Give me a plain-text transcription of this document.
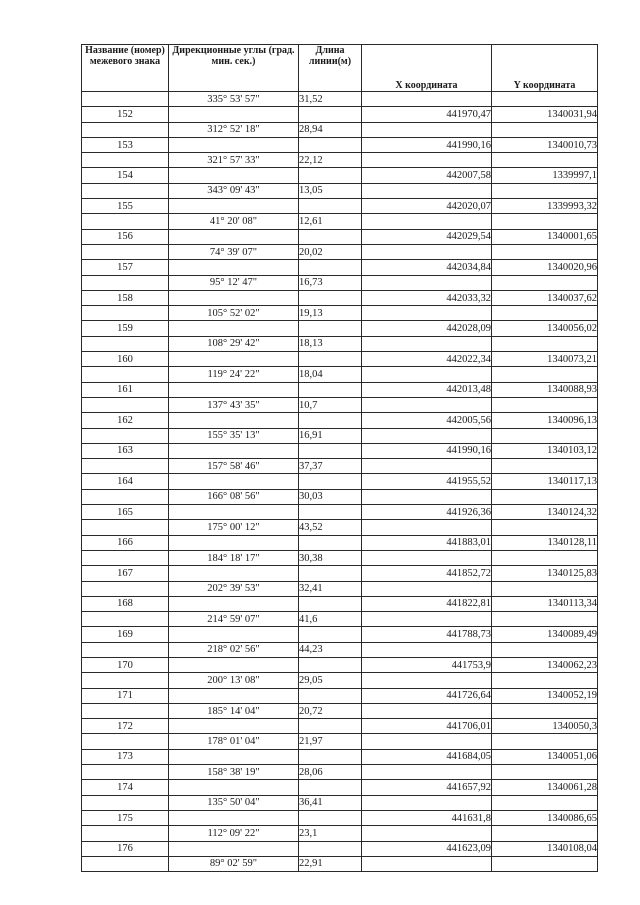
Название (номер) межевого знака	Дирекционные углы (град. мин. сек.)	Длина линии(м)	X координата	Y координата
	335° 53' 57"	31,52		
152			441970,47	1340031,94
	312° 52' 18"	28,94		
153			441990,16	1340010,73
	321° 57' 33"	22,12		
154			442007,58	1339997,1
	343° 09' 43"	13,05		
155			442020,07	1339993,32
	41° 20' 08"	12,61		
156			442029,54	1340001,65
	74° 39' 07"	20,02		
157			442034,84	1340020,96
	95° 12' 47"	16,73		
158			442033,32	1340037,62
	105° 52' 02"	19,13		
159			442028,09	1340056,02
	108° 29' 42"	18,13		
160			442022,34	1340073,21
	119° 24' 22"	18,04		
161			442013,48	1340088,93
	137° 43' 35"	10,7		
162			442005,56	1340096,13
	155° 35' 13"	16,91		
163			441990,16	1340103,12
	157° 58' 46"	37,37		
164			441955,52	1340117,13
	166° 08' 56"	30,03		
165			441926,36	1340124,32
	175° 00' 12"	43,52		
166			441883,01	1340128,11
	184° 18' 17"	30,38		
167			441852,72	1340125,83
	202° 39' 53"	32,41		
168			441822,81	1340113,34
	214° 59' 07"	41,6		
169			441788,73	1340089,49
	218° 02' 56"	44,23		
170			441753,9	1340062,23
	200° 13' 08"	29,05		
171			441726,64	1340052,19
	185° 14' 04"	20,72		
172			441706,01	1340050,3
	178° 01' 04"	21,97		
173			441684,05	1340051,06
	158° 38' 19"	28,06		
174			441657,92	1340061,28
	135° 50' 04"	36,41		
175			441631,8	1340086,65
	112° 09' 22"	23,1		
176			441623,09	1340108,04
	89° 02' 59"	22,91		
